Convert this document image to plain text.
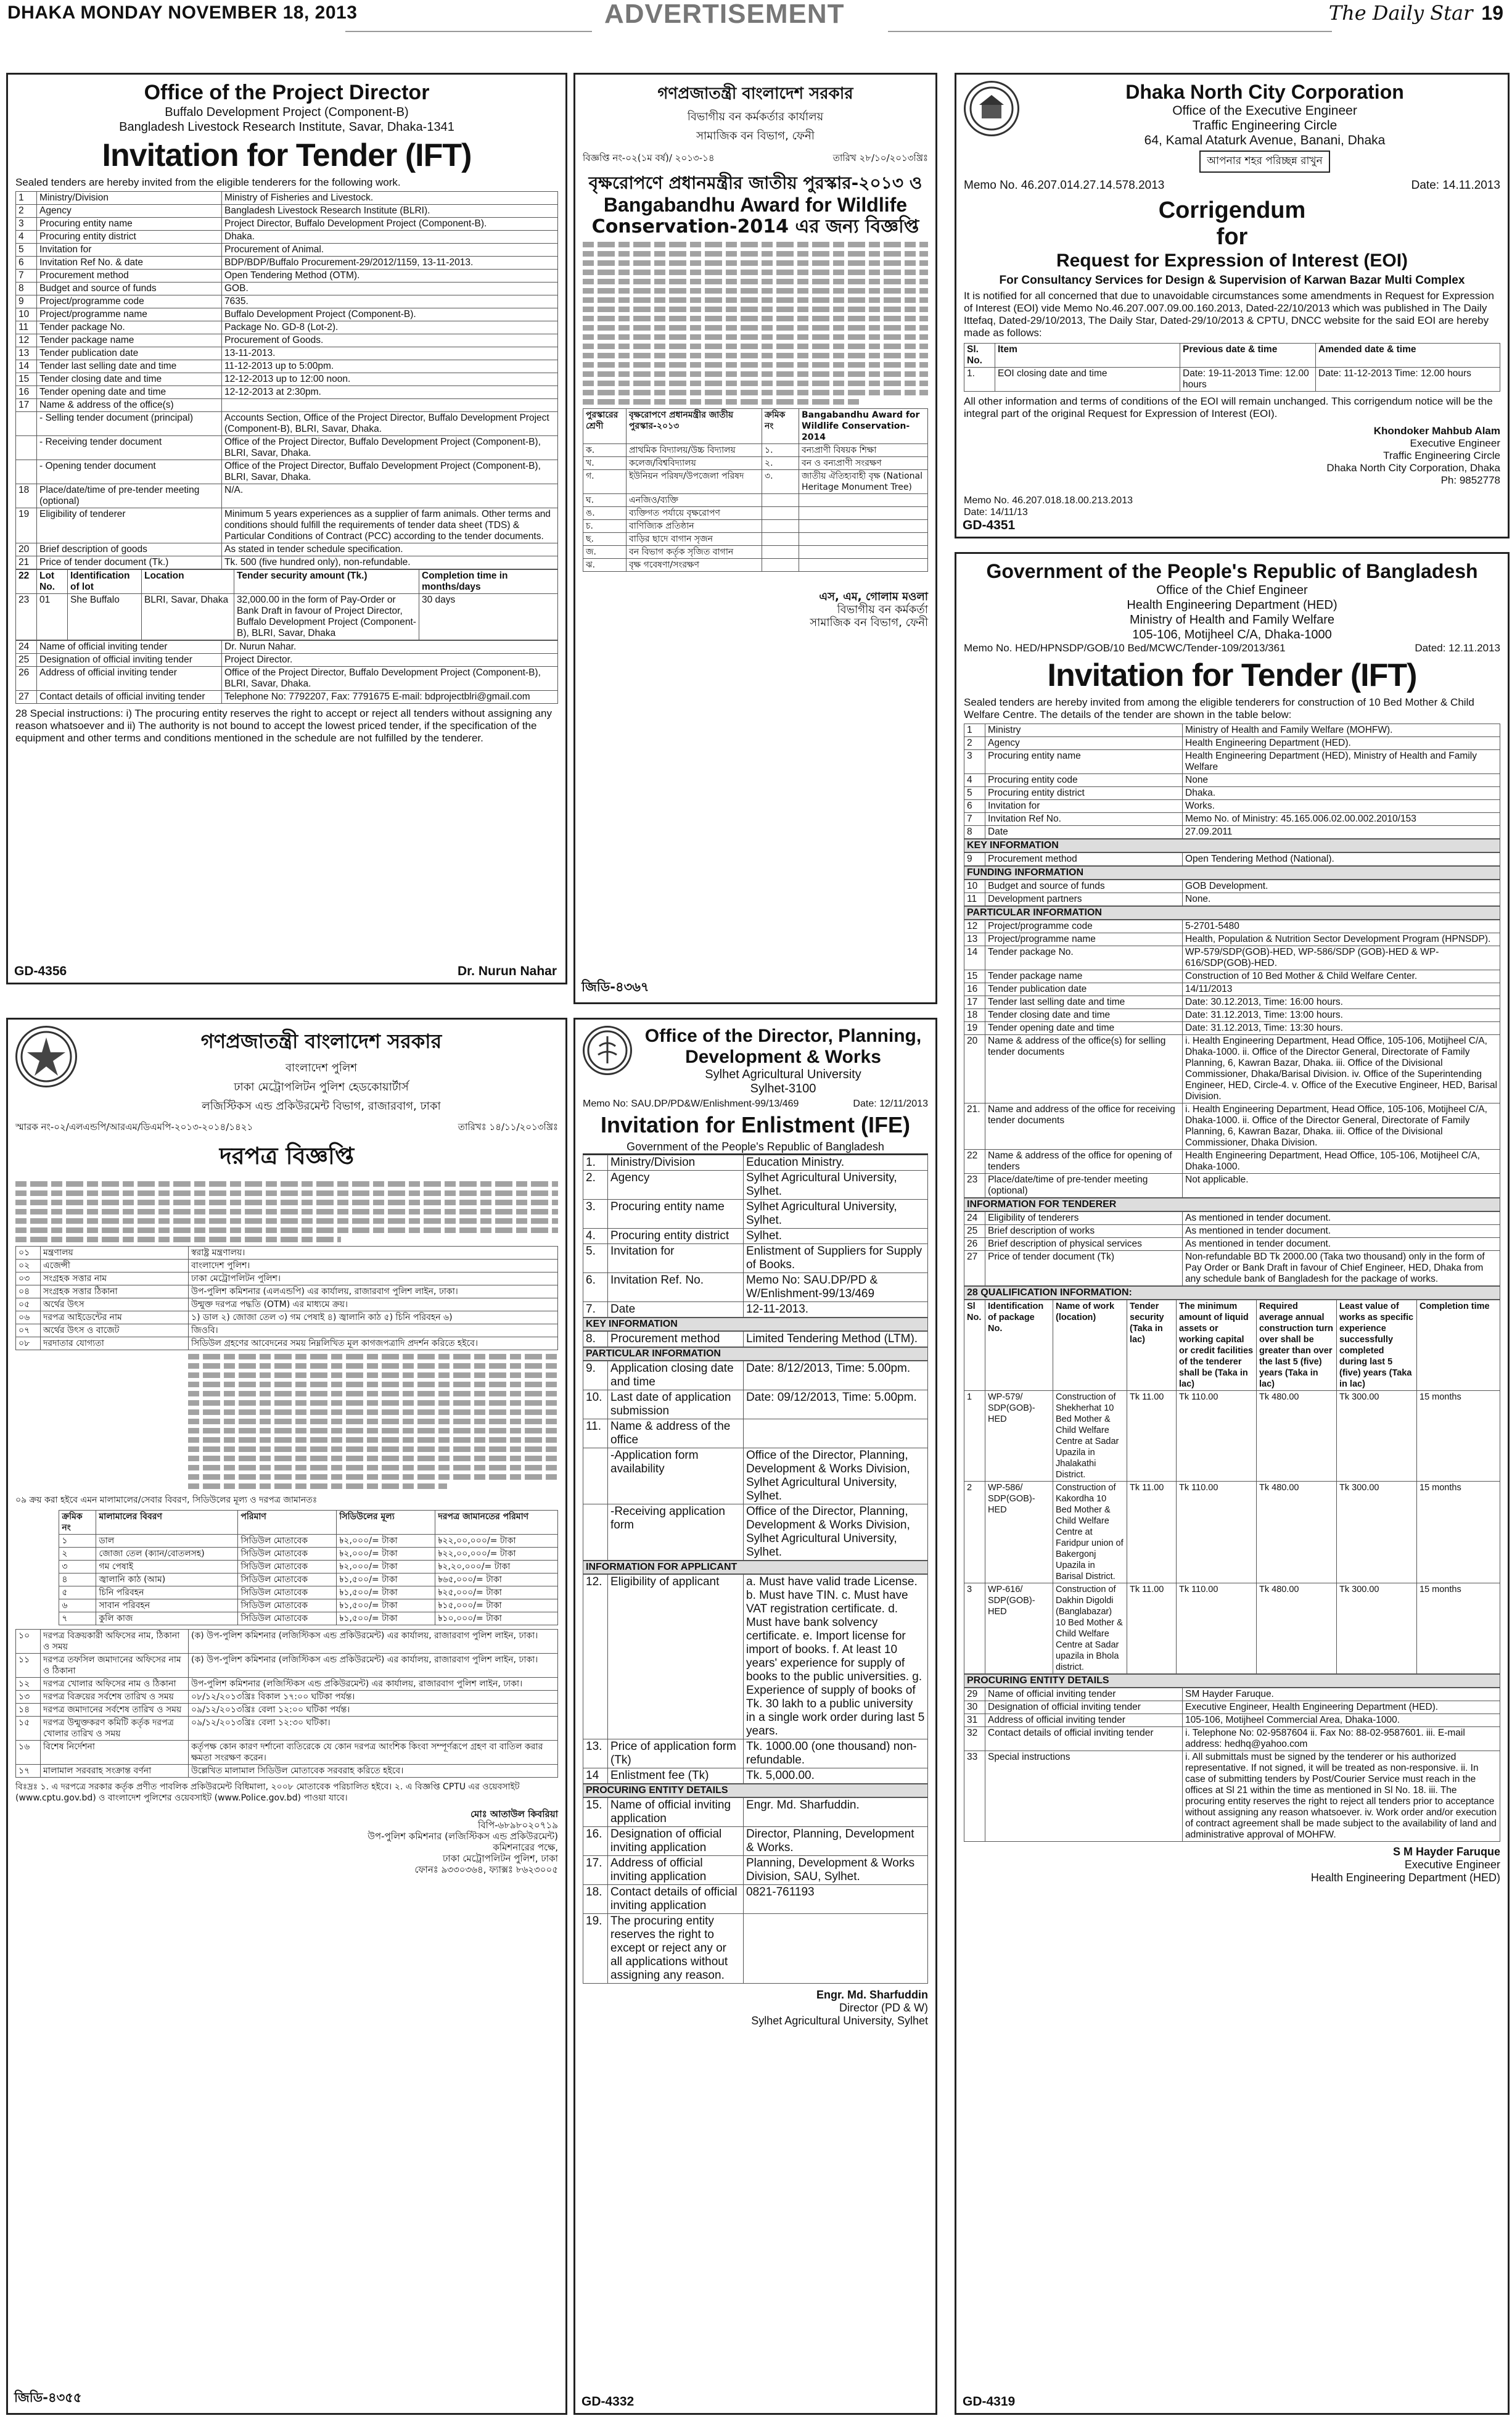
DHAKA MONDAY NOVEMBER 18, 2013	ADVERTISEMENT	The Daily Star 19
Office of the Project Director
Buffalo Development Project (Component-B)
Bangladesh Livestock Research Institute, Savar, Dhaka-1341
Invitation for Tender (IFT)
Sealed tenders are hereby invited from the eligible tenderers for the following work.
1	Ministry/Division	Ministry of Fisheries and Livestock.
2	Agency	Bangladesh Livestock Research Institute (BLRI).
3	Procuring entity name	Project Director, Buffalo Development Project (Component-B).
4	Procuring entity district	Dhaka.
5	Invitation for	Procurement of Animal.
6	Invitation Ref No. & date	BDP/BDP/Buffalo Procurement-29/2012/1159, 13-11-2013.
7	Procurement method	Open Tendering Method (OTM).
8	Budget and source of funds	GOB.
9	Project/programme code	7635.
10	Project/programme name	Buffalo Development Project (Component-B).
11	Tender package No.	Package No. GD-8 (Lot-2).
12	Tender package name	Procurement of Goods.
13	Tender publication date	13-11-2013.
14	Tender last selling date and time	11-12-2013 up to 5:00pm.
15	Tender closing date and time	12-12-2013 up to 12:00 noon.
16	Tender opening date and time	12-12-2013 at 2:30pm.
17	Name & address of the office(s)	
	- Selling tender document (principal)	Accounts Section, Office of the Project Director, Buffalo Development Project (Component-B), BLRI, Savar, Dhaka.
	- Receiving tender document	Office of the Project Director, Buffalo Development Project (Component-B), BLRI, Savar, Dhaka.
	- Opening tender document	Office of the Project Director, Buffalo Development Project (Component-B), BLRI, Savar, Dhaka.
18	Place/date/time of pre-tender meeting (optional)	N/A.
19	Eligibility of tenderer	Minimum 5 years experiences as a supplier of farm animals. Other terms and conditions should fulfill the requirements of tender data sheet (TDS) & Particular Conditions of Contract (PCC) according to the tender documents.
20	Brief description of goods	As stated in tender schedule specification.
21	Price of tender document (Tk.)	Tk. 500 (five hundred only), non-refundable.
22	Lot No.	Identification of lot	Location	Tender security amount (Tk.)	Completion time in months/days
23	01	She Buffalo	BLRI, Savar, Dhaka	32,000.00 in the form of Pay-Order or Bank Draft in favour of Project Director, Buffalo Development Project (Component-B), BLRI, Savar, Dhaka	30 days
24	Name of official inviting tender	Dr. Nurun Nahar.
25	Designation of official inviting tender	Project Director.
26	Address of official inviting tender	Office of the Project Director, Buffalo Development Project (Component-B), BLRI, Savar, Dhaka.
27	Contact details of official inviting tender	Telephone No: 7792207, Fax: 7791675 E-mail: bdprojectblri@gmail.com
28 Special instructions: i) The procuring entity reserves the right to accept or reject all tenders without assigning any reason whatsoever and ii) The authority is not bound to accept the lowest priced tender, if the specification of the equipment and other terms and conditions mentioned in the schedule are not fulfilled by the tenderer.
GD-4356	Dr. Nurun Nahar
গণপ্রজাতন্ত্রী বাংলাদেশ সরকার
বিভাগীয় বন কর্মকর্তার কার্যালয়
সামাজিক বন বিভাগ, ফেনী
বিজ্ঞপ্তি নং-০২(১ম বর্ষ)/ ২০১৩-১৪	তারিখ ২৮/১০/২০১৩খ্রিঃ
বৃক্ষরোপণে প্রধানমন্ত্রীর জাতীয় পুরস্কার-২০১৩ ও
Bangabandhu Award for Wildlife
Conservation-2014 এর জন্য বিজ্ঞপ্তি
পুরস্কারের শ্রেণী	বৃক্ষরোপণে প্রধানমন্ত্রীর জাতীয় পুরস্কার-২০১৩	ক্রমিক নং	Bangabandhu Award for Wildlife Conservation-2014
ক.	প্রাথমিক বিদ্যালয়/উচ্চ বিদ্যালয়	১.	বন্যপ্রাণী বিষয়ক শিক্ষা
খ.	কলেজ/বিশ্ববিদ্যালয়	২.	বন ও বন্যপ্রাণী সংরক্ষণ
গ.	ইউনিয়ন পরিষদ/উপজেলা পরিষদ	৩.	জাতীয় ঐতিহ্যবাহী বৃক্ষ (National Heritage Monument Tree)
ঘ.	এনজিও/ব্যক্তি		
ঙ.	ব্যক্তিগত পর্যায়ে বৃক্ষরোপণ		
চ.	বাণিজ্যিক প্রতিষ্ঠান		
ছ.	বাড়ির ছাদে বাগান সৃজন		
জ.	বন বিভাগ কর্তৃক সৃজিত বাগান		
ঝ.	বৃক্ষ গবেষণা/সংরক্ষণ		
এস, এম, গোলাম মওলা
বিভাগীয় বন কর্মকর্তা
সামাজিক বন বিভাগ, ফেনী
জিডি-৪৩৬৭
Dhaka North City Corporation
Office of the Executive Engineer
Traffic Engineering Circle
64, Kamal Ataturk Avenue, Banani, Dhaka
আপনার শহর পরিচ্ছন্ন রাখুন
Memo No. 46.207.014.27.14.578.2013	Date: 14.11.2013
Corrigendum
for
Request for Expression of Interest (EOI)
For Consultancy Services for Design & Supervision of Karwan Bazar Multi Complex
It is notified for all concerned that due to unavoidable circumstances some amendments in Request for Expression of Interest (EOI) vide Memo No.46.207.007.09.00.160.2013, Dated-22/10/2013 which was published in The Daily Ittefaq, Dated-29/10/2013, The Daily Star, Dated-29/10/2013 & CPTU, DNCC website for the said EOI are hereby made as follows:
Sl. No.	Item	Previous date & time	Amended date & time
1.	EOI closing date and time	Date: 19-11-2013 Time: 12.00 hours	Date: 11-12-2013 Time: 12.00 hours
All other information and terms of conditions of the EOI will remain unchanged. This corrigendum notice will be the integral part of the original Request for Expression of Interest (EOI).
Khondoker Mahbub Alam
Executive Engineer
Traffic Engineering Circle
Dhaka North City Corporation, Dhaka
Ph: 9852778
Memo No. 46.207.018.18.00.213.2013
Date: 14/11/13
GD-4351
Government of the People's Republic of Bangladesh
Office of the Chief Engineer
Health Engineering Department (HED)
Ministry of Health and Family Welfare
105-106, Motijheel C/A, Dhaka-1000
Memo No. HED/HPNSDP/GOB/10 Bed/MCWC/Tender-109/2013/361	Dated: 12.11.2013
Invitation for Tender (IFT)
Sealed tenders are hereby invited from among the eligible tenderers for construction of 10 Bed Mother & Child Welfare Centre. The details of the tender are shown in the table below:
1	Ministry	Ministry of Health and Family Welfare (MOHFW).
2	Agency	Health Engineering Department (HED).
3	Procuring entity name	Health Engineering Department (HED), Ministry of Health and Family Welfare
4	Procuring entity code	None
5	Procuring entity district	Dhaka.
6	Invitation for	Works.
7	Invitation Ref No.	Memo No. of Ministry: 45.165.006.02.00.002.2010/153
8	Date	27.09.2011
KEY INFORMATION
9	Procurement method	Open Tendering Method (National).
FUNDING INFORMATION
10	Budget and source of funds	GOB Development.
11	Development partners	None.
PARTICULAR INFORMATION
12	Project/programme code	5-2701-5480
13	Project/programme name	Health, Population & Nutrition Sector Development Program (HPNSDP).
14	Tender package No.	WP-579/SDP(GOB)-HED, WP-586/SDP (GOB)-HED & WP-616/SDP(GOB)-HED.
15	Tender package name	Construction of 10 Bed Mother & Child Welfare Center.
16	Tender publication date	14/11/2013
17	Tender last selling date and time	Date: 30.12.2013, Time: 16:00 hours.
18	Tender closing date and time	Date: 31.12.2013, Time: 13:00 hours.
19	Tender opening date and time	Date: 31.12.2013, Time: 13:30 hours.
20	Name & address of the office(s) for selling tender documents	i. Health Engineering Department, Head Office, 105-106, Motijheel C/A, Dhaka-1000. ii. Office of the Director General, Directorate of Family Planning, 6, Kawran Bazar, Dhaka. iii. Office of the Divisional Commissioner, Dhaka/Barisal Division. iv. Office of the Superintending Engineer, HED, Circle-4. v. Office of the Executive Engineer, HED, Barisal Division.
21.	Name and address of the office for receiving tender documents	i. Health Engineering Department, Head Office, 105-106, Motijheel C/A, Dhaka-1000. ii. Office of the Director General, Directorate of Family Planning, 6, Kawran Bazar, Dhaka. iii. Office of the Divisional Commissioner, Dhaka Division.
22	Name & address of the office for opening of tenders	Health Engineering Department, Head Office, 105-106, Motijheel C/A, Dhaka-1000.
23	Place/date/time of pre-tender meeting (optional)	Not applicable.
INFORMATION FOR TENDERER
24	Eligibility of tenderers	As mentioned in tender document.
25	Brief description of works	As mentioned in tender document.
26	Brief description of physical services	As mentioned in tender document.
27	Price of tender document (Tk)	Non-refundable BD Tk 2000.00 (Taka two thousand) only in the form of Pay Order or Bank Draft in favour of Chief Engineer, HED, Dhaka from any schedule bank of Bangladesh for the package of works.
28 QUALIFICATION INFORMATION:
Sl No.	Identification of package No.	Name of work (location)	Tender security (Taka in lac)	The minimum amount of liquid assets or working capital or credit facilities of the tenderer shall be (Taka in lac)	Required average annual construction turn over shall be greater than over the last 5 (five) years (Taka in lac)	Least value of works as specific experience successfully completed during last 5 (five) years (Taka in lac)	Completion time
1	WP-579/ SDP(GOB)-HED	Construction of Shekherhat 10 Bed Mother & Child Welfare Centre at Sadar Upazila in Jhalakathi District.	Tk 11.00	Tk 110.00	Tk 480.00	Tk 300.00	15 months
2	WP-586/ SDP(GOB)-HED	Construction of Kakordha 10 Bed Mother & Child Welfare Centre at Faridpur union of Bakergonj Upazila in Barisal District.	Tk 11.00	Tk 110.00	Tk 480.00	Tk 300.00	15 months
3	WP-616/ SDP(GOB)-HED	Construction of Dakhin Digoldi (Banglabazar) 10 Bed Mother & Child Welfare Centre at Sadar upazila in Bhola district.	Tk 11.00	Tk 110.00	Tk 480.00	Tk 300.00	15 months
PROCURING ENTITY DETAILS
29	Name of official inviting tender	SM Hayder Faruque.
30	Designation of official inviting tender	Executive Engineer, Health Engineering Department (HED).
31	Address of official inviting tender	105-106, Motijheel Commercial Area, Dhaka-1000.
32	Contact details of official inviting tender	i. Telephone No: 02-9587604 ii. Fax No: 88-02-9587601. iii. E-mail address: hedhq@yahoo.com
33	Special instructions	i. All submittals must be signed by the tenderer or his authorized representative. If not signed, it will be treated as non-responsive. ii. In case of submitting tenders by Post/Courier Service must reach in the offices at Sl 21 within the time as mentioned in Sl No. 18. iii. The procuring entity reserves the right to reject all tenders prior to acceptance without assigning any reason whatsoever. iv. Work order and/or execution of contract agreement shall be made subject to the availability of land and administrative approval of MOHFW.
S M Hayder Faruque
Executive Engineer
Health Engineering Department (HED)
GD-4319
গণপ্রজাতন্ত্রী বাংলাদেশ সরকার
বাংলাদেশ পুলিশ
ঢাকা মেট্রোপলিটন পুলিশ হেডকোয়ার্টার্স
লজিস্টিকস এন্ড প্রকিউরমেন্ট বিভাগ, রাজারবাগ, ঢাকা
স্মারক নং-০২/এলএন্ডপি/আরএম/ডিএমপি-২০১৩-২০১৪/১৪২১	তারিখঃ ১৪/১১/২০১৩খ্রিঃ
দরপত্র বিজ্ঞপ্তি
০১	মন্ত্রণালয়	স্বরাষ্ট্র মন্ত্রণালয়।
০২	এজেন্সী	বাংলাদেশ পুলিশ।
০৩	সংগ্রহক সত্তার নাম	ঢাকা মেট্রোপলিটন পুলিশ।
০৪	সংগ্রহক সত্তার ঠিকানা	উপ-পুলিশ কমিশনার (এলএন্ডপি) এর কার্যালয়, রাজারবাগ পুলিশ লাইন, ঢাকা।
০৫	অর্থের উৎস	উন্মুক্ত দরপত্র পদ্ধতি (OTM) এর মাধ্যমে ক্রয়।
০৬	দরপত্র আইডেন্টের নাম	১) ডাল ২) জোজা তেল ৩) গম পেষাই ৪) জ্বালানি কাঠ ৫) চিনি পরিবহন ৬)
০৭	অর্থের উৎস ও বাজেট	জিওবি।
০৮	দরদাতার যোগ্যতা	সিডিউল গ্রহণের আবেদনের সময় নিম্নলিখিত মূল কাগজপত্রাদি প্রদর্শন করিতে হইবে।
০৯ ক্রয় করা হইবে এমন মালামালের/সেবার বিবরণ, সিডিউলের মূল্য ও দরপত্র জামানতঃ
ক্রমিক নং	মালামালের বিবরণ	পরিমাণ	সিডিউলের মূল্য	দরপত্র জামানতের পরিমাণ
১	ডাল	সিডিউল মোতাবেক	৳২,০০০/= টাকা	৳২২,০০,০০০/= টাকা
২	জোজা তেল (ক্যান/বোতলসহ)	সিডিউল মোতাবেক	৳২,০০০/= টাকা	৳২২,০০,০০০/= টাকা
৩	গম পেষাই	সিডিউল মোতাবেক	৳২,০০০/= টাকা	৳২,২০,০০০/= টাকা
৪	জ্বালানি কাঠ (আম)	সিডিউল মোতাবেক	৳১,৫০০/= টাকা	৳৬৫,০০০/= টাকা
৫	চিনি পরিবহন	সিডিউল মোতাবেক	৳১,৫০০/= টাকা	৳২৫,০০০/= টাকা
৬	সাবান পরিবহন	সিডিউল মোতাবেক	৳১,৫০০/= টাকা	৳১৫,০০০/= টাকা
৭	কুলি কাজ	সিডিউল মোতাবেক	৳১,৫০০/= টাকা	৳১০,০০০/= টাকা
১০	দরপত্র বিক্রয়কারী অফিসের নাম, ঠিকানা ও সময়	(ক) উপ-পুলিশ কমিশনার (লজিস্টিকস এন্ড প্রকিউরমেন্ট) এর কার্যালয়, রাজারবাগ পুলিশ লাইন, ঢাকা।
১১	দরপত্র তফসিল জমাদানের অফিসের নাম ও ঠিকানা	(ক) উপ-পুলিশ কমিশনার (লজিস্টিকস এন্ড প্রকিউরমেন্ট) এর কার্যালয়, রাজারবাগ পুলিশ লাইন, ঢাকা।
১২	দরপত্র খোলার অফিসের নাম ও ঠিকানা	উপ-পুলিশ কমিশনার (লজিস্টিকস এন্ড প্রকিউরমেন্ট) এর কার্যালয়, রাজারবাগ পুলিশ লাইন, ঢাকা।
১৩	দরপত্র বিক্রয়ের সর্বশেষ তারিখ ও সময়	০৮/১২/২০১৩খ্রিঃ বিকাল ১৭:০০ ঘটিকা পর্যন্ত।
১৪	দরপত্র জমাদানের সর্বশেষ তারিখ ও সময়	০৯/১২/২০১৩খ্রিঃ বেলা ১২:০০ ঘটিকা পর্যন্ত।
১৫	দরপত্র উন্মুক্তকরণ কমিটি কর্তৃক দরপত্র খোলার তারিখ ও সময়	০৯/১২/২০১৩খ্রিঃ বেলা ১২:৩০ ঘটিকা।
১৬	বিশেষ নির্দেশনা	কর্তৃপক্ষ কোন কারণ দর্শানো ব্যতিরেকে যে কোন দরপত্র আংশিক কিংবা সম্পূর্ণরূপে গ্রহণ বা বাতিল করার ক্ষমতা সংরক্ষণ করেন।
১৭	মালামাল সরবরাহ সংক্রান্ত বর্ণনা	উল্লেখিত মালামাল সিডিউল মোতাবেক সরবরাহ করিতে হইবে।
বিঃদ্রঃ ১. এ দরপত্রে সরকার কর্তৃক প্রণীত পাবলিক প্রকিউরমেন্ট বিধিমালা, ২০০৮ মোতাবেক পরিচালিত হইবে। ২. এ বিজ্ঞপ্তি CPTU এর ওয়েবসাইট (www.cptu.gov.bd) ও বাংলাদেশ পুলিশের ওয়েবসাইট (www.Police.gov.bd) পাওয়া যাবে।
মোঃ আতাউল কিবরিয়া
বিপি-৬৮৯৮০২০৭১৯
উপ-পুলিশ কমিশনার (লজিস্টিকস এন্ড প্রকিউরমেন্ট)
কমিশনারের পক্ষে,
ঢাকা মেট্রোপলিটন পুলিশ, ঢাকা
ফোনঃ ৯৩৩০৩৬৪, ফ্যাক্সঃ ৮৬২৩০০৫
জিডি-৪৩৫৫
Office of the Director, Planning,
Development & Works
Sylhet Agricultural University
Sylhet-3100
Memo No: SAU.DP/PD&W/Enlishment-99/13/469	Date: 12/11/2013
Invitation for Enlistment (IFE)
Government of the People's Republic of Bangladesh
1.	Ministry/Division	Education Ministry.
2.	Agency	Sylhet Agricultural University, Sylhet.
3.	Procuring entity name	Sylhet Agricultural University, Sylhet.
4.	Procuring entity district	Sylhet.
5.	Invitation for	Enlistment of Suppliers for Supply of Books.
6.	Invitation Ref. No.	Memo No: SAU.DP/PD & W/Enlishment-99/13/469
7.	Date	12-11-2013.
KEY INFORMATION
8.	Procurement method	Limited Tendering Method (LTM).
PARTICULAR INFORMATION
9.	Application closing date and time	Date: 8/12/2013, Time: 5.00pm.
10.	Last date of application submission	Date: 09/12/2013, Time: 5.00pm.
11.	Name & address of the office	
	-Application form availability	Office of the Director, Planning, Development & Works Division, Sylhet Agricultural University, Sylhet.
	-Receiving application form	Office of the Director, Planning, Development & Works Division, Sylhet Agricultural University, Sylhet.
INFORMATION FOR APPLICANT
12.	Eligibility of applicant	a. Must have valid trade License. b. Must have TIN. c. Must have VAT registration certificate. d. Must have bank solvency certificate. e. Import license for import of books. f. At least 10 years' experience for supply of books to the public universities. g. Experience of supply of books of Tk. 30 lakh to a public university in a single work order during last 5 years.
13.	Price of application form (Tk)	Tk. 1000.00 (one thousand) non-refundable.
14	Enlistment fee (Tk)	Tk. 5,000.00.
PROCURING ENTITY DETAILS
15.	Name of official inviting application	Engr. Md. Sharfuddin.
16.	Designation of official inviting application	Director, Planning, Development & Works.
17.	Address of official inviting application	Planning, Development & Works Division, SAU, Sylhet.
18.	Contact details of official inviting application	0821-761193
19.	The procuring entity reserves the right to except or reject any or all applications without assigning any reason.	
Engr. Md. Sharfuddin
Director (PD & W)
Sylhet Agricultural University, Sylhet
GD-4332
